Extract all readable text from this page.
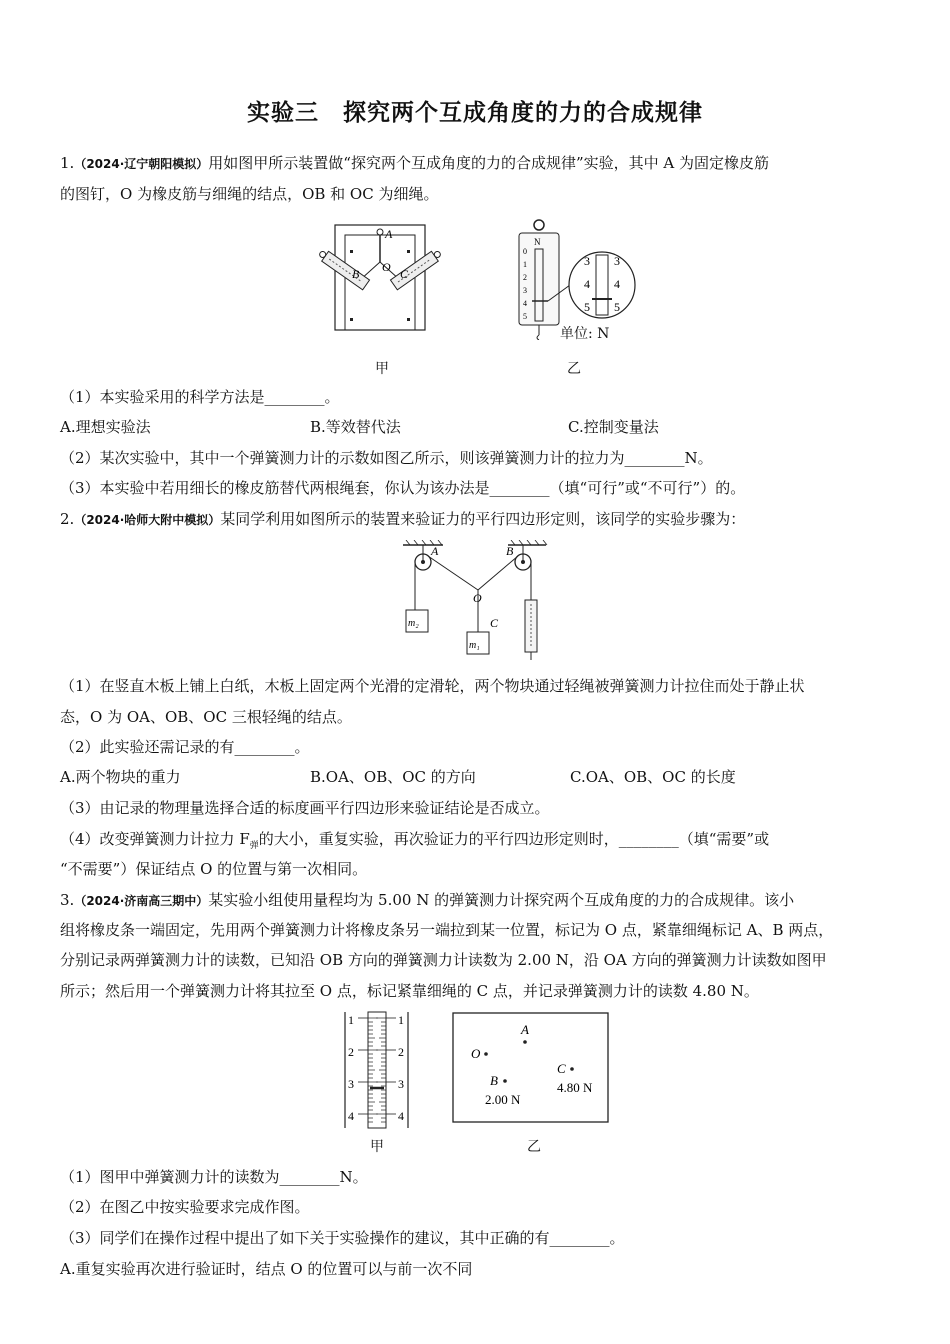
实验三　探究两个互成角度的力的合成规律
1.（2024·辽宁朝阳模拟）用如图甲所示装置做“探究两个互成角度的力的合成规律”实验，其中 A 为固定橡皮筋
的图钉，O 为橡皮筋与细绳的结点，OB 和 OC 为细绳。
A
B O C
N
0
1
2
3
4
5
3 3
4 4
5 5
单位: N
甲	乙
（1）本实验采用的科学方法是________。
A.理想实验法	B.等效替代法	C.控制变量法
（2）某次实验中，其中一个弹簧测力计的示数如图乙所示，则该弹簧测力计的拉力为________N。
（3）本实验中若用细长的橡皮筋替代两根绳套，你认为该办法是________（填“可行”或“不可行”）的。
2.（2024·哈师大附中模拟）某同学利用如图所示的装置来验证力的平行四边形定则，该同学的实验步骤为：
A	B
O
C
m₂
m₁
（1）在竖直木板上铺上白纸，木板上固定两个光滑的定滑轮，两个物块通过轻绳被弹簧测力计拉住而处于静止状
态，O 为 OA、OB、OC 三根轻绳的结点。
（2）此实验还需记录的有________。
A.两个物块的重力	B.OA、OB、OC 的方向	C.OA、OB、OC 的长度
（3）由记录的物理量选择合适的标度画平行四边形来验证结论是否成立。
（4）改变弹簧测力计拉力 $F_弹$的大小，重复实验，再次验证力的平行四边形定则时，________（填“需要”或
“不需要”）保证结点 O 的位置与第一次相同。
3.（2024·济南高三期中）某实验小组使用量程均为 5.00 N 的弹簧测力计探究两个互成角度的力的合成规律。该小
组将橡皮条一端固定，先用两个弹簧测力计将橡皮条另一端拉到某一位置，标记为 O 点，紧靠细绳标记 A、B 两点，
分别记录两弹簧测力计的读数，已知沿 OB 方向的弹簧测力计读数为 2.00 N，沿 OA 方向的弹簧测力计读数如图甲
所示；然后用一个弹簧测力计将其拉至 O 点，标记紧靠细绳的 C 点，并记录弹簧测力计的读数 4.80 N。
1
2
3
4
1
2
3
4
A
O
B
C
2.00 N
4.80 N
甲	乙
（1）图甲中弹簧测力计的读数为________N。
（2）在图乙中按实验要求完成作图。
（3）同学们在操作过程中提出了如下关于实验操作的建议，其中正确的有________。
A.重复实验再次进行验证时，结点 O 的位置可以与前一次不同
